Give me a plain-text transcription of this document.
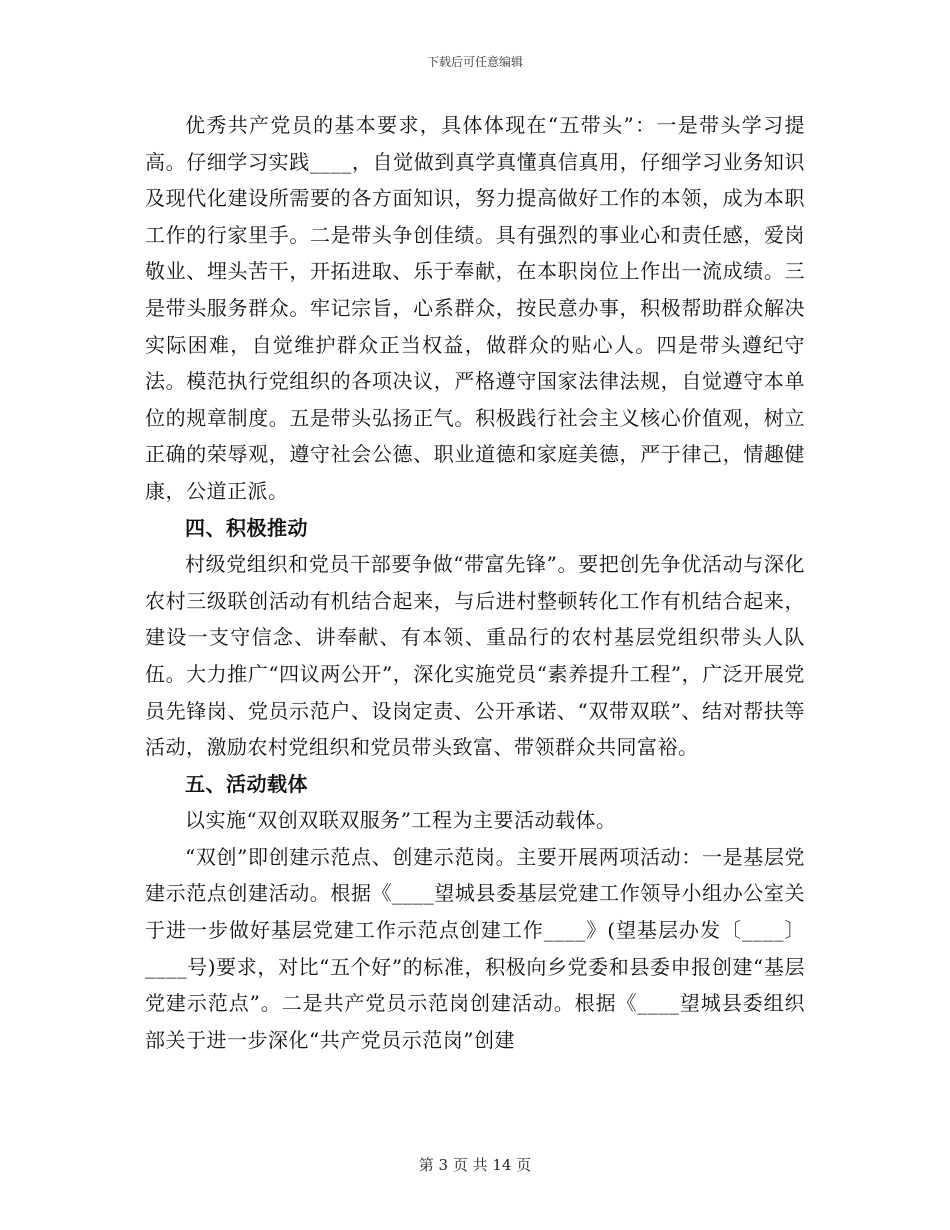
下载后可任意编辑

优秀共产党员的基本要求，具体体现在“五带头”：一是带头学习提高。仔细学习实践____，自觉做到真学真懂真信真用，仔细学习业务知识及现代化建设所需要的各方面知识，努力提高做好工作的本领，成为本职工作的行家里手。二是带头争创佳绩。具有强烈的事业心和责任感，爱岗敬业、埋头苦干，开拓进取、乐于奉献，在本职岗位上作出一流成绩。三是带头服务群众。牢记宗旨，心系群众，按民意办事，积极帮助群众解决实际困难，自觉维护群众正当权益，做群众的贴心人。四是带头遵纪守法。模范执行党组织的各项决议，严格遵守国家法律法规，自觉遵守本单位的规章制度。五是带头弘扬正气。积极践行社会主义核心价值观，树立正确的荣辱观，遵守社会公德、职业道德和家庭美德，严于律己，情趣健康，公道正派。

四、积极推动

村级党组织和党员干部要争做“带富先锋”。要把创先争优活动与深化农村三级联创活动有机结合起来，与后进村整顿转化工作有机结合起来，建设一支守信念、讲奉献、有本领、重品行的农村基层党组织带头人队伍。大力推广“四议两公开”，深化实施党员“素养提升工程”，广泛开展党员先锋岗、党员示范户、设岗定责、公开承诺、“双带双联”、结对帮扶等活动，激励农村党组织和党员带头致富、带领群众共同富裕。

五、活动载体

以实施“双创双联双服务”工程为主要活动载体。

“双创”即创建示范点、创建示范岗。主要开展两项活动：一是基层党建示范点创建活动。根据《____望城县委基层党建工作领导小组办公室关于进一步做好基层党建工作示范点创建工作____》(望基层办发〔____〕____号)要求，对比“五个好”的标准，积极向乡党委和县委申报创建“基层党建示范点”。二是共产党员示范岗创建活动。根据《____望城县委组织部关于进一步深化“共产党员示范岗”创建

第 3 页 共 14 页
